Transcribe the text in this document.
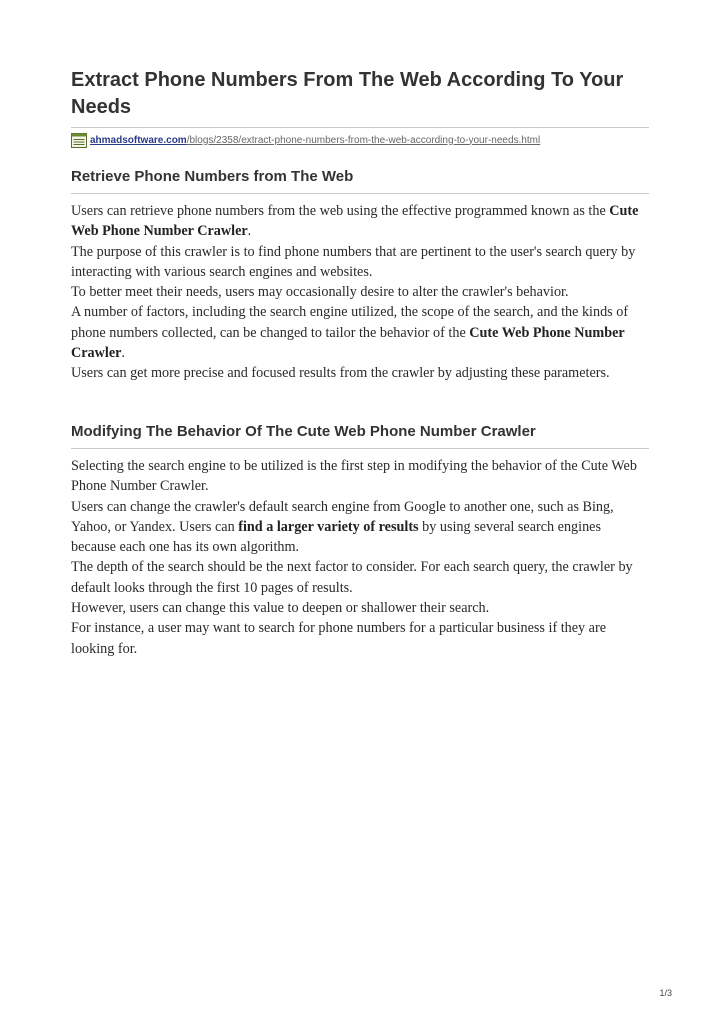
Extract Phone Numbers From The Web According To Your Needs
ahmadsoftware.com /blogs/2358/extract-phone-numbers-from-the-web-according-to-your-needs.html
Retrieve Phone Numbers from The Web

Users can retrieve phone numbers from the web using the effective programmed known as the Cute Web Phone Number Crawler.

The purpose of this crawler is to find phone numbers that are pertinent to the user's search query by interacting with various search engines and websites.

To better meet their needs, users may occasionally desire to alter the crawler's behavior.

A number of factors, including the search engine utilized, the scope of the search, and the kinds of phone numbers collected, can be changed to tailor the behavior of the Cute Web Phone Number Crawler.

Users can get more precise and focused results from the crawler by adjusting these parameters.

Modifying The Behavior Of The Cute Web Phone Number Crawler

Selecting the search engine to be utilized is the first step in modifying the behavior of the Cute Web Phone Number Crawler.

Users can change the crawler's default search engine from Google to another one, such as Bing, Yahoo, or Yandex. Users can find a larger variety of results by using several search engines because each one has its own algorithm.

The depth of the search should be the next factor to consider. For each search query, the crawler by default looks through the first 10 pages of results.

However, users can change this value to deepen or shallower their search.

For instance, a user may want to search for phone numbers for a particular business if they are looking for.

1/3
